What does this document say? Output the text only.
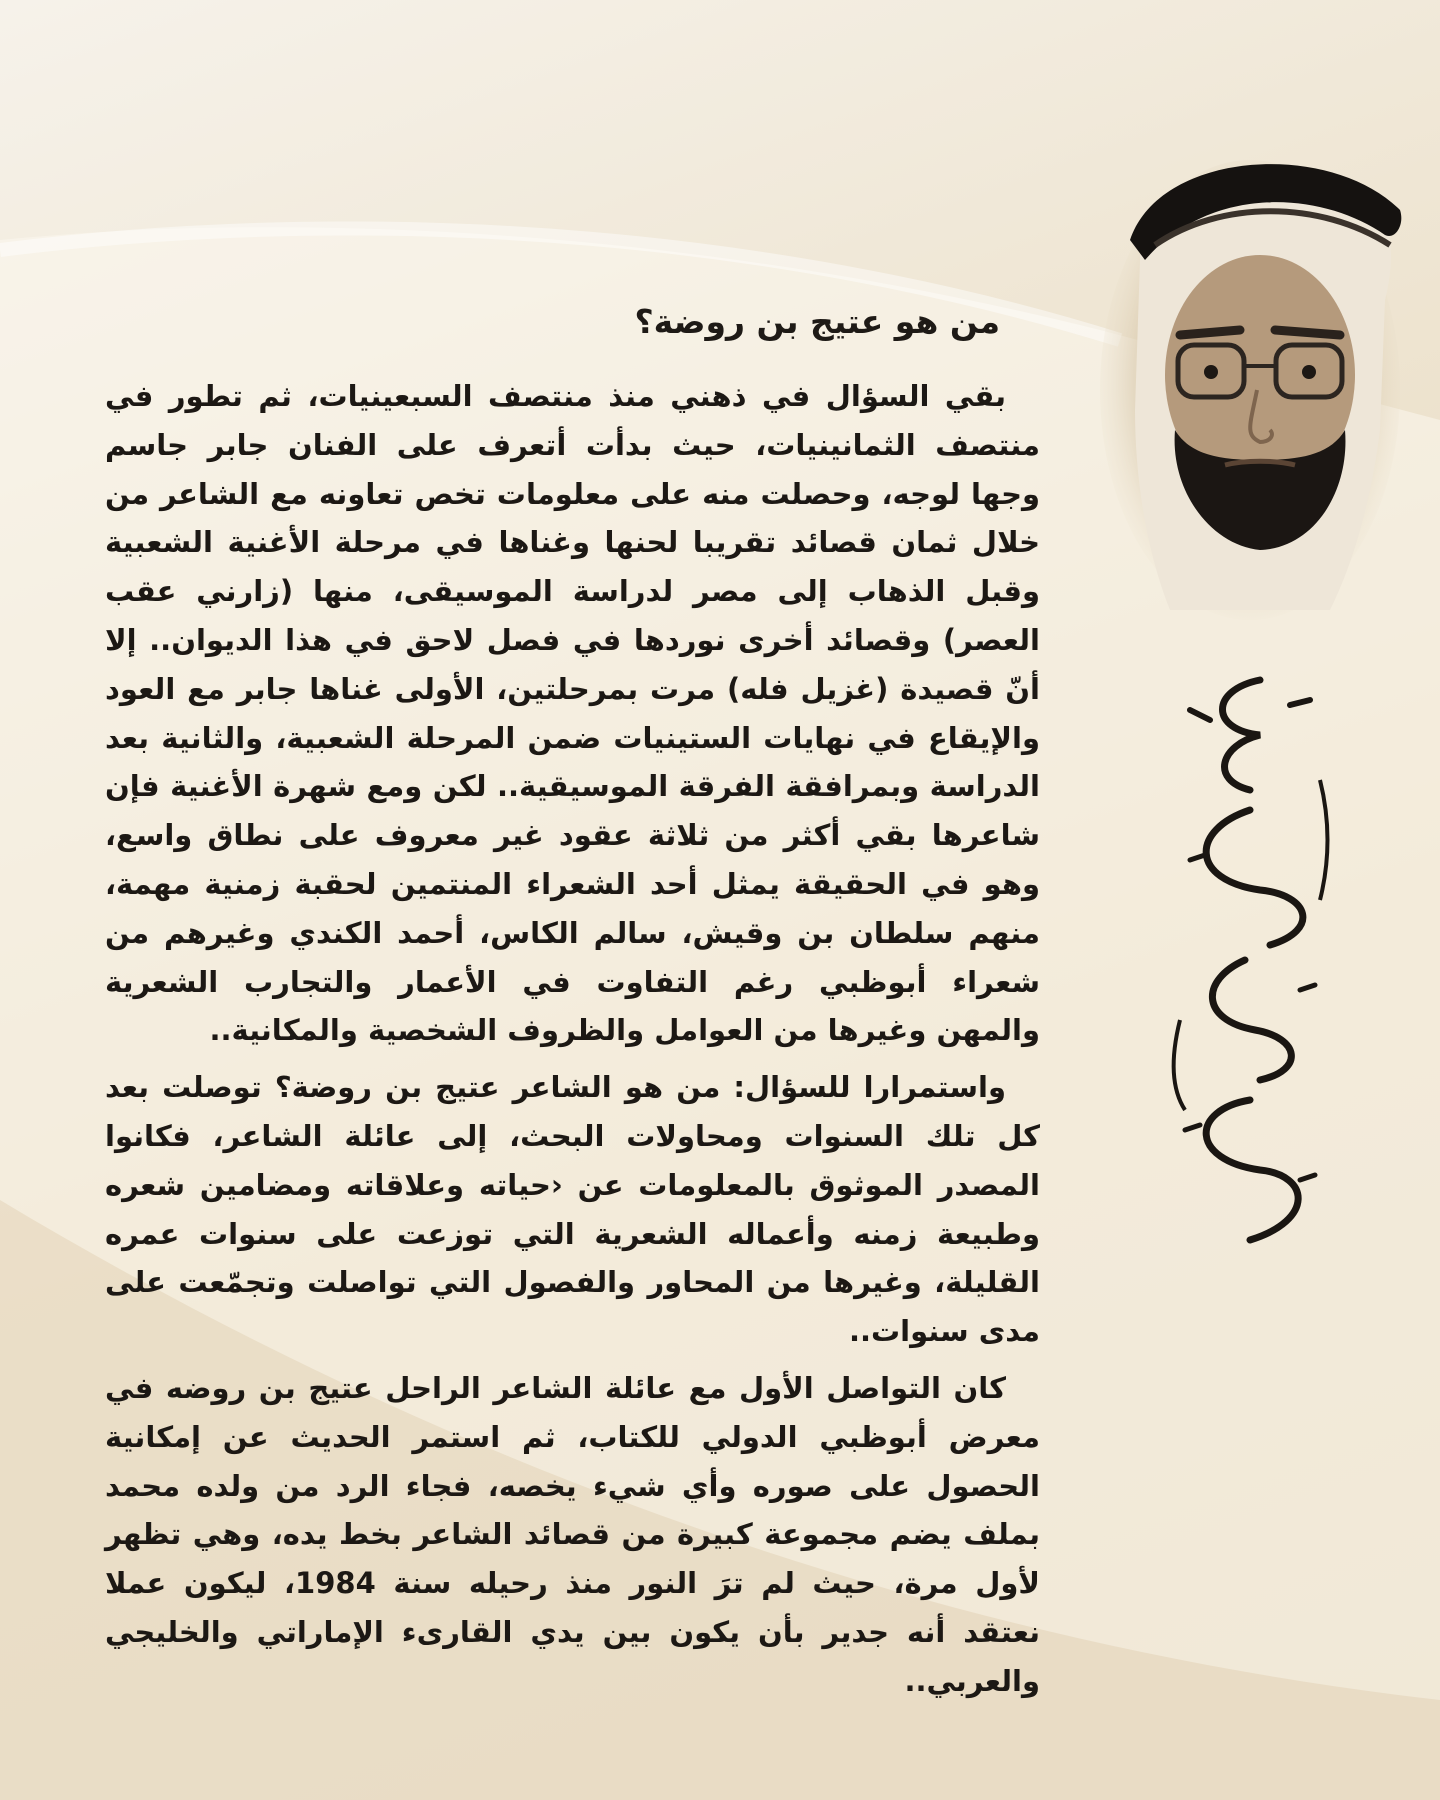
من هو عتيج بن روضة؟

بقي السؤال في ذهني منذ منتصف السبعينيات، ثم تطور في منتصف الثمانينيات، حيث بدأت أتعرف على الفنان جابر جاسم وجها لوجه، وحصلت منه على معلومات تخص تعاونه مع الشاعر من خلال ثمان قصائد تقريبا لحنها وغناها في مرحلة الأغنية الشعبية وقبل الذهاب إلى مصر لدراسة الموسيقى، منها (زارني عقب العصر) وقصائد أخرى نوردها في فصل لاحق في هذا الديوان.. إلا أنّ قصيدة (غزيل فله) مرت بمرحلتين، الأولى غناها جابر مع العود والإيقاع في نهايات الستينيات ضمن المرحلة الشعبية، والثانية بعد الدراسة وبمرافقة الفرقة الموسيقية.. لكن ومع شهرة الأغنية فإن شاعرها بقي أكثر من ثلاثة عقود غير معروف على نطاق واسع، وهو في الحقيقة يمثل أحد الشعراء المنتمين لحقبة زمنية مهمة، منهم سلطان بن وقيش، سالم الكاس، أحمد الكندي وغيرهم من شعراء أبوظبي رغم التفاوت في الأعمار والتجارب الشعرية والمهن وغيرها من العوامل والظروف الشخصية والمكانية..

واستمرارا للسؤال: من هو الشاعر عتيج بن روضة؟ توصلت بعد كل تلك السنوات ومحاولات البحث، إلى عائلة الشاعر، فكانوا المصدر الموثوق بالمعلومات عن ‹حياته وعلاقاته ومضامين شعره وطبيعة زمنه وأعماله الشعرية التي توزعت على سنوات عمره القليلة، وغيرها من المحاور والفصول التي تواصلت وتجمّعت على مدى سنوات..

كان التواصل الأول مع عائلة الشاعر الراحل عتيج بن روضه في معرض أبوظبي الدولي للكتاب، ثم استمر الحديث عن إمكانية الحصول على صوره وأي شيء يخصه، فجاء الرد من ولده محمد بملف يضم مجموعة كبيرة من قصائد الشاعر بخط يده، وهي تظهر لأول مرة، حيث لم ترَ النور منذ رحيله سنة 1984، ليكون عملا نعتقد أنه جدير بأن يكون بين يدي القارىء الإماراتي والخليجي والعربي..
